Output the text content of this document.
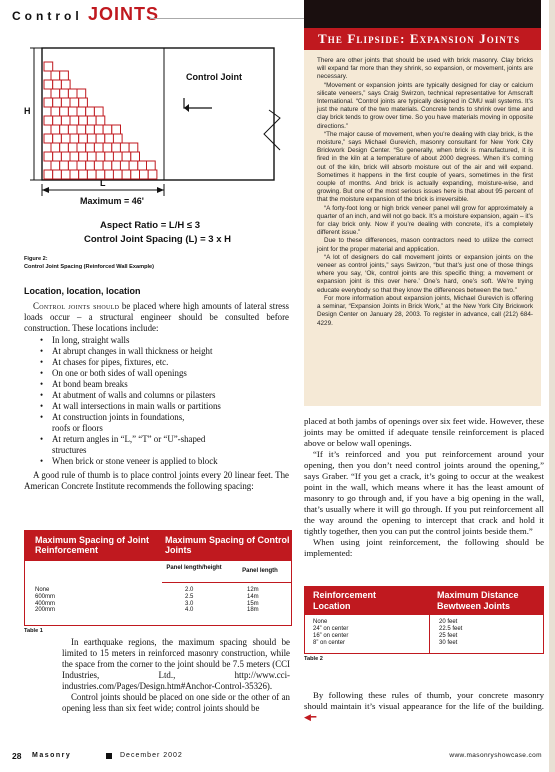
Control JOINTS
Control Joint
H
L
Maximum = 46'
Aspect Ratio = L/H ≤ 3
Control Joint Spacing (L) = 3 x H
Figure 2:
Control Joint Spacing (Reinforced Wall Example)
Location, location, location

Control joints should be placed where high amounts of lateral stress loads occur – a structural engineer should be consulted before construction. These locations include:

• In long, straight walls
• At abrupt changes in wall thickness or height
• At chases for pipes, fixtures, etc.
• On one or both sides of wall openings
• At bond beam breaks
• At abutment of walls and columns or pilasters
• At wall intersections in main walls or partitions
• At construction joints in foundations,
roofs or floors
• At return angles in “L,” “T” or “U”-shaped
structures
• When brick or stone veneer is applied to block

A good rule of thumb is to place control joints every 20 linear feet. The American Concrete Institute recommends the following spacing:

Maximum Spacing of Joint Reinforcement
Maximum Spacing of Control Joints
Panel length/height	Panel length
None	2.0	12m
600mm	2.5	14m
400mm	3.0	15m
200mm	4.0	18m
Table 1

In earthquake regions, the maximum spacing should be limited to 15 meters in reinforced masonry construction, while the space from the corner to the joint should be 7.5 meters (CCI Industries, Ltd., http://www.cci-industries.com/Pages/Design.htm#Anchor-Control-35326).

Control joints should be placed on one side or the other of an opening less than six feet wide; control joints should be

The Flipside: Expansion Joints

There are other joints that should be used with brick masonry. Clay bricks will expand far more than they shrink, so expansion, or movement, joints are necessary.

“Movement or expansion joints are typically designed for clay or calcium silicate veneers,” says Craig Swirzon, technical representative for Amscraft International. “Control joints are typically designed in CMU wall systems. It’s just the nature of the two materials. Concrete tends to shrink over time and clay brick tends to grow over time. So you have materials moving in opposite directions.”

“The major cause of movement, when you’re dealing with clay brick, is the moisture,” says Michael Gurevich, masonry consultant for New York City Brickwork Design Center. “So generally, when brick is manufactured, it is fired in the kiln at a temperature of about 2000 degrees. When it’s coming out of the kiln, brick will absorb moisture out of the air and will expand. Sometimes it happens in the first couple of years, sometimes in the first couple of months. And brick is actually expanding, moisture-wise, and growing. But one of the most serious issues here is that about 95 percent of that the moisture expansion of the brick is irreversible.

“A forty-foot long or high brick veneer panel will grow for approximately a quarter of an inch, and will not go back. It’s a moisture expansion, again – it’s for clay brick only. Now if you’re dealing with concrete, it’s a completely different issue.”

Due to these differences, mason contractors need to utilize the correct joint for the proper material and application.

“A lot of designers do call movement joints or expansion joints on the veneer as control joints,” says Swirzon, “but that’s just one of those things where you say, ‘Ok, control joints are this specific thing; a movement or expansion joint is this over here.’ One’s hard, one’s soft. We’re trying educate everybody so that they know the differences between the two.”

For more information about expansion joints, Michael Gurevich is offering a seminar, “Expansion Joints in Brick Work,” at the New York City Brickwork Design Center on January 28, 2003. To register in advance, call (212) 684-4229.

placed at both jambs of openings over six feet wide. However, these joints may be omitted if adequate tensile reinforcement is placed above or below wall openings.

“If it’s reinforced and you put reinforcement around your opening, then you don’t need control joints around the opening,” says Graber. “If you get a crack, it’s going to occur at the weakest point in the wall, which means where it has the least amount of masonry to go through and, if you have a big opening in the wall, that’s usually where it will go through. If you put reinforcement all the way around the opening to intercept that crack and hold it tightly together, then you can put the control joints beside them.”

When using joint reinforcement, the following should be implemented:

Reinforcement Location
Maximum Distance Bewtween Joints
None	20 feet
24” on center	22.5 feet
16” on center	25 feet
8” on center	30 feet
Table 2
By following these rules of thumb, your concrete masonry should maintain it’s visual appearance for the life of the building. ◀━
28 Masonry	December 2002	www.masonryshowcase.com
